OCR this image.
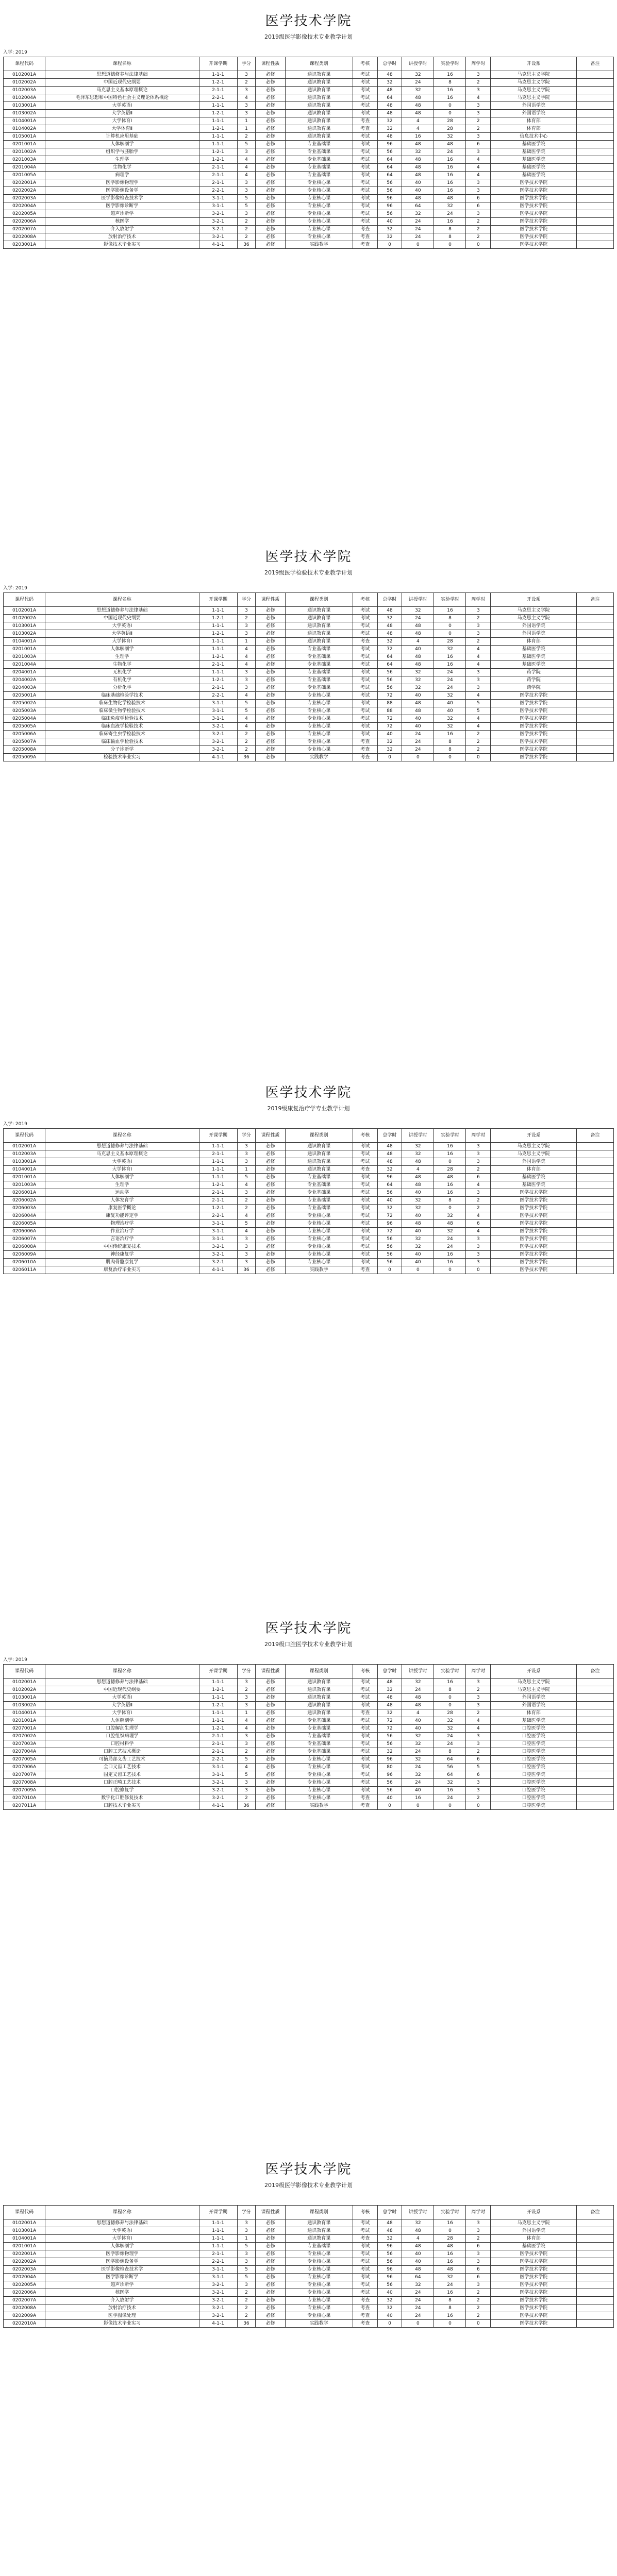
医学技术学院
2019级医学影像技术专业教学计划
入学: 2019
课程代码	课程名称	开课学期	学分	课程性质	课程类别	考核	总学时	讲授学时	实验学时	周学时	开设系	备注
0102001A	思想道德修养与法律基础	1-1-1	3	必修	通识教育课	考试	48	32	16	3	马克思主义学院	
0102002A	中国近现代史纲要	1-2-1	2	必修	通识教育课	考试	32	24	8	2	马克思主义学院	
0102003A	马克思主义基本原理概论	2-1-1	3	必修	通识教育课	考试	48	32	16	3	马克思主义学院	
0102004A	毛泽东思想和中国特色社会主义理论体系概论	2-2-1	4	必修	通识教育课	考试	64	48	16	4	马克思主义学院	
0103001A	大学英语Ⅰ	1-1-1	3	必修	通识教育课	考试	48	48	0	3	外国语学院	
0103002A	大学英语Ⅱ	1-2-1	3	必修	通识教育课	考试	48	48	0	3	外国语学院	
0104001A	大学体育Ⅰ	1-1-1	1	必修	通识教育课	考查	32	4	28	2	体育部	
0104002A	大学体育Ⅱ	1-2-1	1	必修	通识教育课	考查	32	4	28	2	体育部	
0105001A	计算机应用基础	1-1-1	2	必修	通识教育课	考试	48	16	32	3	信息技术中心	
0201001A	人体解剖学	1-1-1	5	必修	专业基础课	考试	96	48	48	6	基础医学院	
0201002A	组织学与胚胎学	1-2-1	3	必修	专业基础课	考试	56	32	24	3	基础医学院	
0201003A	生理学	1-2-1	4	必修	专业基础课	考试	64	48	16	4	基础医学院	
0201004A	生物化学	2-1-1	4	必修	专业基础课	考试	64	48	16	4	基础医学院	
0201005A	病理学	2-1-1	4	必修	专业基础课	考试	64	48	16	4	基础医学院	
0202001A	医学影像物理学	2-1-1	3	必修	专业核心课	考试	56	40	16	3	医学技术学院	
0202002A	医学影像设备学	2-2-1	3	必修	专业核心课	考试	56	40	16	3	医学技术学院	
0202003A	医学影像检查技术学	3-1-1	5	必修	专业核心课	考试	96	48	48	6	医学技术学院	
0202004A	医学影像诊断学	3-1-1	5	必修	专业核心课	考试	96	64	32	6	医学技术学院	
0202005A	超声诊断学	3-2-1	3	必修	专业核心课	考试	56	32	24	3	医学技术学院	
0202006A	核医学	3-2-1	2	必修	专业核心课	考试	40	24	16	2	医学技术学院	
0202007A	介入放射学	3-2-1	2	必修	专业核心课	考查	32	24	8	2	医学技术学院	
0202008A	放射治疗技术	3-2-1	2	必修	专业核心课	考查	32	24	8	2	医学技术学院	
0203001A	影像技术毕业实习	4-1-1	36	必修	实践教学	考查	0	0	0	0	医学技术学院	
医学技术学院
2019级医学检验技术专业教学计划
入学: 2019
课程代码	课程名称	开课学期	学分	课程性质	课程类别	考核	总学时	讲授学时	实验学时	周学时	开设系	备注
0102001A	思想道德修养与法律基础	1-1-1	3	必修	通识教育课	考试	48	32	16	3	马克思主义学院	
0102002A	中国近现代史纲要	1-2-1	2	必修	通识教育课	考试	32	24	8	2	马克思主义学院	
0103001A	大学英语Ⅰ	1-1-1	3	必修	通识教育课	考试	48	48	0	3	外国语学院	
0103002A	大学英语Ⅱ	1-2-1	3	必修	通识教育课	考试	48	48	0	3	外国语学院	
0104001A	大学体育Ⅰ	1-1-1	1	必修	通识教育课	考查	32	4	28	2	体育部	
0201001A	人体解剖学	1-1-1	4	必修	专业基础课	考试	72	40	32	4	基础医学院	
0201003A	生理学	1-2-1	4	必修	专业基础课	考试	64	48	16	4	基础医学院	
0201004A	生物化学	2-1-1	4	必修	专业基础课	考试	64	48	16	4	基础医学院	
0204001A	无机化学	1-1-1	3	必修	专业基础课	考试	56	32	24	3	药学院	
0204002A	有机化学	1-2-1	3	必修	专业基础课	考试	56	32	24	3	药学院	
0204003A	分析化学	2-1-1	3	必修	专业基础课	考试	56	32	24	3	药学院	
0205001A	临床基础检验学技术	2-2-1	4	必修	专业核心课	考试	72	40	32	4	医学技术学院	
0205002A	临床生物化学检验技术	3-1-1	5	必修	专业核心课	考试	88	48	40	5	医学技术学院	
0205003A	临床微生物学检验技术	3-1-1	5	必修	专业核心课	考试	88	48	40	5	医学技术学院	
0205004A	临床免疫学检验技术	3-1-1	4	必修	专业核心课	考试	72	40	32	4	医学技术学院	
0205005A	临床血液学检验技术	3-2-1	4	必修	专业核心课	考试	72	40	32	4	医学技术学院	
0205006A	临床寄生虫学检验技术	3-2-1	2	必修	专业核心课	考试	40	24	16	2	医学技术学院	
0205007A	临床输血学检验技术	3-2-1	2	必修	专业核心课	考查	32	24	8	2	医学技术学院	
0205008A	分子诊断学	3-2-1	2	必修	专业核心课	考查	32	24	8	2	医学技术学院	
0205009A	检验技术毕业实习	4-1-1	36	必修	实践教学	考查	0	0	0	0	医学技术学院	
医学技术学院
2019级康复治疗学专业教学计划
入学: 2019
课程代码	课程名称	开课学期	学分	课程性质	课程类别	考核	总学时	讲授学时	实验学时	周学时	开设系	备注
0102001A	思想道德修养与法律基础	1-1-1	3	必修	通识教育课	考试	48	32	16	3	马克思主义学院	
0102003A	马克思主义基本原理概论	2-1-1	3	必修	通识教育课	考试	48	32	16	3	马克思主义学院	
0103001A	大学英语Ⅰ	1-1-1	3	必修	通识教育课	考试	48	48	0	3	外国语学院	
0104001A	大学体育Ⅰ	1-1-1	1	必修	通识教育课	考查	32	4	28	2	体育部	
0201001A	人体解剖学	1-1-1	5	必修	专业基础课	考试	96	48	48	6	基础医学院	
0201003A	生理学	1-2-1	4	必修	专业基础课	考试	64	48	16	4	基础医学院	
0206001A	运动学	2-1-1	3	必修	专业基础课	考试	56	40	16	3	医学技术学院	
0206002A	人体发育学	2-1-1	2	必修	专业基础课	考试	40	32	8	2	医学技术学院	
0206003A	康复医学概论	1-2-1	2	必修	专业基础课	考试	32	32	0	2	医学技术学院	
0206004A	康复功能评定学	2-2-1	4	必修	专业核心课	考试	72	40	32	4	医学技术学院	
0206005A	物理治疗学	3-1-1	5	必修	专业核心课	考试	96	48	48	6	医学技术学院	
0206006A	作业治疗学	3-1-1	4	必修	专业核心课	考试	72	40	32	4	医学技术学院	
0206007A	言语治疗学	3-1-1	3	必修	专业核心课	考试	56	32	24	3	医学技术学院	
0206008A	中国传统康复技术	3-2-1	3	必修	专业核心课	考试	56	32	24	3	医学技术学院	
0206009A	神经康复学	3-2-1	3	必修	专业核心课	考试	56	40	16	3	医学技术学院	
0206010A	肌肉骨骼康复学	3-2-1	3	必修	专业核心课	考试	56	40	16	3	医学技术学院	
0206011A	康复治疗毕业实习	4-1-1	36	必修	实践教学	考查	0	0	0	0	医学技术学院	
医学技术学院
2019级口腔医学技术专业教学计划
入学: 2019
课程代码	课程名称	开课学期	学分	课程性质	课程类别	考核	总学时	讲授学时	实验学时	周学时	开设系	备注
0102001A	思想道德修养与法律基础	1-1-1	3	必修	通识教育课	考试	48	32	16	3	马克思主义学院	
0102002A	中国近现代史纲要	1-2-1	2	必修	通识教育课	考试	32	24	8	2	马克思主义学院	
0103001A	大学英语Ⅰ	1-1-1	3	必修	通识教育课	考试	48	48	0	3	外国语学院	
0103002A	大学英语Ⅱ	1-2-1	3	必修	通识教育课	考试	48	48	0	3	外国语学院	
0104001A	大学体育Ⅰ	1-1-1	1	必修	通识教育课	考查	32	4	28	2	体育部	
0201001A	人体解剖学	1-1-1	4	必修	专业基础课	考试	72	40	32	4	基础医学院	
0207001A	口腔解剖生理学	1-2-1	4	必修	专业基础课	考试	72	40	32	4	口腔医学院	
0207002A	口腔组织病理学	2-1-1	3	必修	专业基础课	考试	56	32	24	3	口腔医学院	
0207003A	口腔材料学	2-1-1	3	必修	专业基础课	考试	56	32	24	3	口腔医学院	
0207004A	口腔工艺技术概论	2-1-1	2	必修	专业基础课	考试	32	24	8	2	口腔医学院	
0207005A	可摘局部义齿工艺技术	2-2-1	5	必修	专业核心课	考试	96	32	64	6	口腔医学院	
0207006A	全口义齿工艺技术	3-1-1	4	必修	专业核心课	考试	80	24	56	5	口腔医学院	
0207007A	固定义齿工艺技术	3-1-1	5	必修	专业核心课	考试	96	32	64	6	口腔医学院	
0207008A	口腔正畸工艺技术	3-2-1	3	必修	专业核心课	考试	56	24	32	3	口腔医学院	
0207009A	口腔修复学	3-2-1	3	必修	专业核心课	考试	56	40	16	3	口腔医学院	
0207010A	数字化口腔修复技术	3-2-1	2	必修	专业核心课	考查	40	16	24	2	口腔医学院	
0207011A	口腔技术毕业实习	4-1-1	36	必修	实践教学	考查	0	0	0	0	口腔医学院	
医学技术学院
2019级医学影像技术专业教学计划
课程代码	课程名称	开课学期	学分	课程性质	课程类别	考核	总学时	讲授学时	实验学时	周学时	开设系	备注
0102001A	思想道德修养与法律基础	1-1-1	3	必修	通识教育课	考试	48	32	16	3	马克思主义学院	
0103001A	大学英语Ⅰ	1-1-1	3	必修	通识教育课	考试	48	48	0	3	外国语学院	
0104001A	大学体育Ⅰ	1-1-1	1	必修	通识教育课	考查	32	4	28	2	体育部	
0201001A	人体解剖学	1-1-1	5	必修	专业基础课	考试	96	48	48	6	基础医学院	
0202001A	医学影像物理学	2-1-1	3	必修	专业核心课	考试	56	40	16	3	医学技术学院	
0202002A	医学影像设备学	2-2-1	3	必修	专业核心课	考试	56	40	16	3	医学技术学院	
0202003A	医学影像检查技术学	3-1-1	5	必修	专业核心课	考试	96	48	48	6	医学技术学院	
0202004A	医学影像诊断学	3-1-1	5	必修	专业核心课	考试	96	64	32	6	医学技术学院	
0202005A	超声诊断学	3-2-1	3	必修	专业核心课	考试	56	32	24	3	医学技术学院	
0202006A	核医学	3-2-1	2	必修	专业核心课	考试	40	24	16	2	医学技术学院	
0202007A	介入放射学	3-2-1	2	必修	专业核心课	考查	32	24	8	2	医学技术学院	
0202008A	放射治疗技术	3-2-1	2	必修	专业核心课	考查	32	24	8	2	医学技术学院	
0202009A	医学图像处理	3-2-1	2	必修	专业核心课	考查	40	24	16	2	医学技术学院	
0202010A	影像技术毕业实习	4-1-1	36	必修	实践教学	考查	0	0	0	0	医学技术学院	
